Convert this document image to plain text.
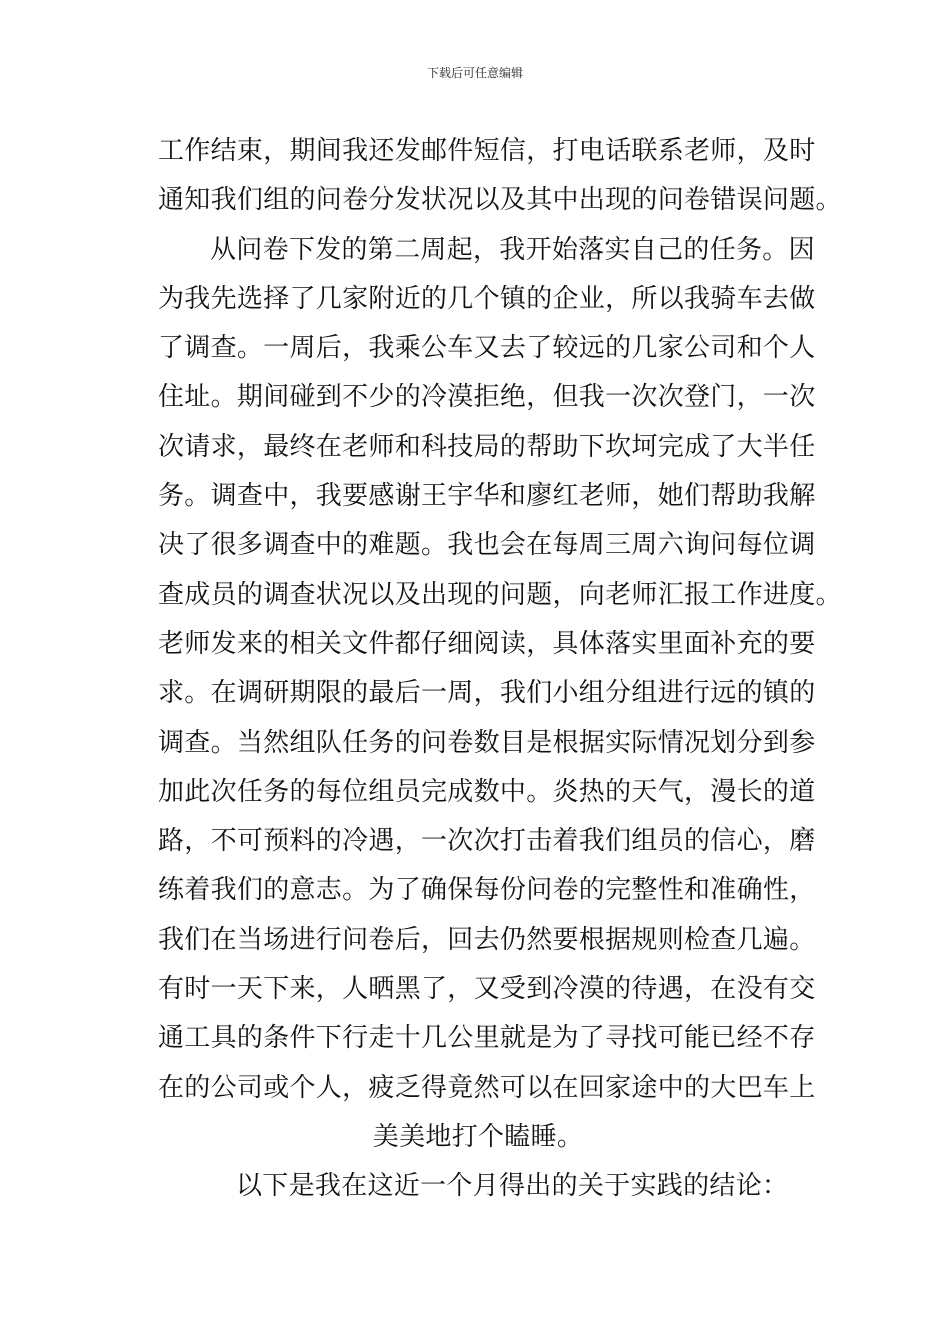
下载后可任意编辑
工作结束，期间我还发邮件短信，打电话联系老师，及时
通知我们组的问卷分发状况以及其中出现的问卷错误问题。
从问卷下发的第二周起，我开始落实自己的任务。因
为我先选择了几家附近的几个镇的企业，所以我骑车去做
了调查。一周后，我乘公车又去了较远的几家公司和个人
住址。期间碰到不少的冷漠拒绝，但我一次次登门，一次
次请求，最终在老师和科技局的帮助下坎坷完成了大半任
务。调查中，我要感谢王宇华和廖红老师，她们帮助我解
决了很多调查中的难题。我也会在每周三周六询问每位调
查成员的调查状况以及出现的问题，向老师汇报工作进度。
老师发来的相关文件都仔细阅读，具体落实里面补充的要
求。在调研期限的最后一周，我们小组分组进行远的镇的
调查。当然组队任务的问卷数目是根据实际情况划分到参
加此次任务的每位组员完成数中。炎热的天气，漫长的道
路，不可预料的冷遇，一次次打击着我们组员的信心，磨
练着我们的意志。为了确保每份问卷的完整性和准确性，
我们在当场进行问卷后，回去仍然要根据规则检查几遍。
有时一天下来，人晒黑了，又受到冷漠的待遇，在没有交
通工具的条件下行走十几公里就是为了寻找可能已经不存
在的公司或个人，疲乏得竟然可以在回家途中的大巴车上
美美地打个瞌睡。
以下是我在这近一个月得出的关于实践的结论：
